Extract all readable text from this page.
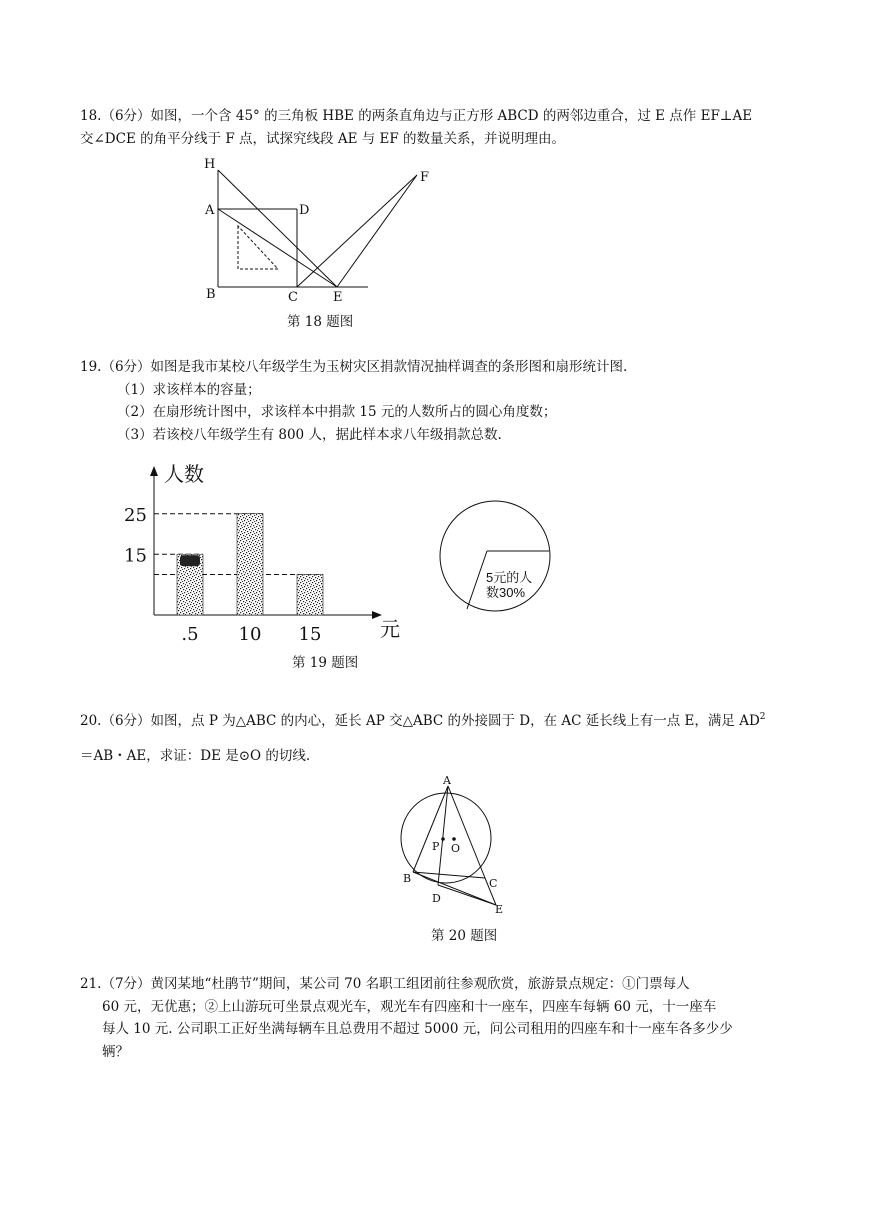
18.（6分）如图，一个含 45° 的三角板 HBE 的两条直角边与正方形 ABCD 的两邻边重合，过 E 点作 EF⊥AE
交∠DCE 的角平分线于 F 点，试探究线段 AE 与 EF 的数量关系，并说明理由。
H
A	D
F
B	C	E
第 18 题图
19.（6分）如图是我市某校八年级学生为玉树灾区捐款情况抽样调查的条形图和扇形统计图.
（1）求该样本的容量；
（2）在扇形统计图中，求该样本中捐款 15 元的人数所占的圆心角度数；
（3）若该校八年级学生有 800 人，据此样本求八年级捐款总数.
人数
元
15
25
.5 10 15
5元的人
数30%
第 19 题图
20.（6分）如图，点 P 为△ABC 的内心，延长 AP 交△ABC 的外接圆于 D，在 AC 延长线上有一点 E，满足 $AD^2$
＝AB・AE，求证：DE 是⊙O 的切线.
A
P O
B	C
D
E
第 20 题图
21.（7分）黄冈某地“杜鹃节”期间，某公司 70 名职工组团前往参观欣赏，旅游景点规定：①门票每人
60 元，无优惠；②上山游玩可坐景点观光车，观光车有四座和十一座车，四座车每辆 60 元，十一座车
每人 10 元. 公司职工正好坐满每辆车且总费用不超过 5000 元，问公司租用的四座车和十一座车各多少少
辆？
